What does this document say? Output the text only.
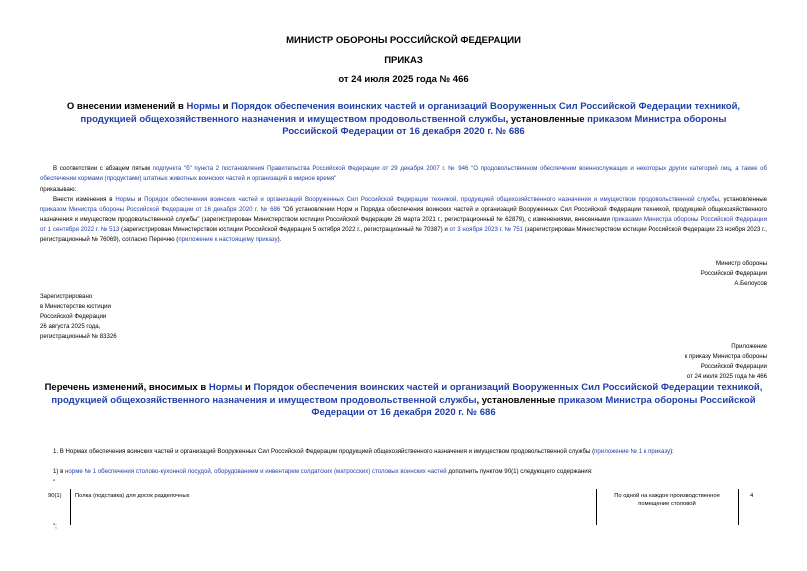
МИНИСТР ОБОРОНЫ РОССИЙСКОЙ ФЕДЕРАЦИИ
ПРИКАЗ
от 24 июля 2025 года № 466
О внесении изменений в Нормы и Порядок обеспечения воинских частей и организаций Вооруженных Сил Российской Федерации техникой, продукцией общехозяйственного назначения и имуществом продовольственной службы, установленные приказом Министра обороны Российской Федерации от 16 декабря 2020 г. № 686
В соответствии с абзацем пятым подпункта "б" пункта 2 постановления Правительства Российской Федерации от 29 декабря 2007 г. № 946 "О продовольственном обеспечении военнослужащих и некоторых других категорий лиц, а также об обеспечении кормами (продуктами) штатных животных воинских частей и организаций в мирное время"
приказываю:
Внести изменения в Нормы и Порядок обеспечения воинских частей и организаций Вооруженных Сил Российской Федерации техникой, продукцией общехозяйственного назначения и имуществом продовольственной службы, установленные приказом Министра обороны Российской Федерации от 16 декабря 2020 г. № 686 "Об установлении Норм и Порядка обеспечения воинских частей и организаций Вооруженных Сил Российской Федерации техникой, продукцией общехозяйственного назначения и имуществом продовольственной службы" (зарегистрирован Министерством юстиции Российской Федерации 26 марта 2021 г., регистрационный № 62879), с изменениями, внесенными приказами Министра обороны Российской Федерации от 1 сентября 2022 г. № 513 (зарегистрирован Министерством юстиции Российской Федерации 5 октября 2022 г., регистрационный № 70387) и от 3 ноября 2023 г. № 751 (зарегистрирован Министерством юстиции Российской Федерации 23 ноября 2023 г., регистрационный № 76069), согласно Перечню (приложение к настоящему приказу).
Министр обороны
Российской Федерации
А.Белоусов
Зарегистрировано
в Министерстве юстиции
Российской Федерации
26 августа 2025 года,
регистрационный № 83326
Приложение
к приказу Министра обороны
Российской Федерации
от 24 июля 2025 года № 466
Перечень изменений, вносимых в Нормы и Порядок обеспечения воинских частей и организаций Вооруженных Сил Российской Федерации техникой, продукцией общехозяйственного назначения и имуществом продовольственной службы, установленные приказом Министра обороны Российской Федерации от 16 декабря 2020 г. № 686
1. В Нормах обеспечения воинских частей и организаций Вооруженных Сил Российской Федерации продукцией общехозяйственного назначения и имуществом продовольственной службы (приложение № 1 к приказу):
1) в норме № 1 обеспечения столово-кухонной посудой, оборудованием и инвентарем солдатских (матросских) столовых воинских частей дополнить пунктом 90(1) следующего содержания:
"
90(1) Полка (подставка) для досок разделочных	По одной на каждое производственное помещение столовой
4
";
